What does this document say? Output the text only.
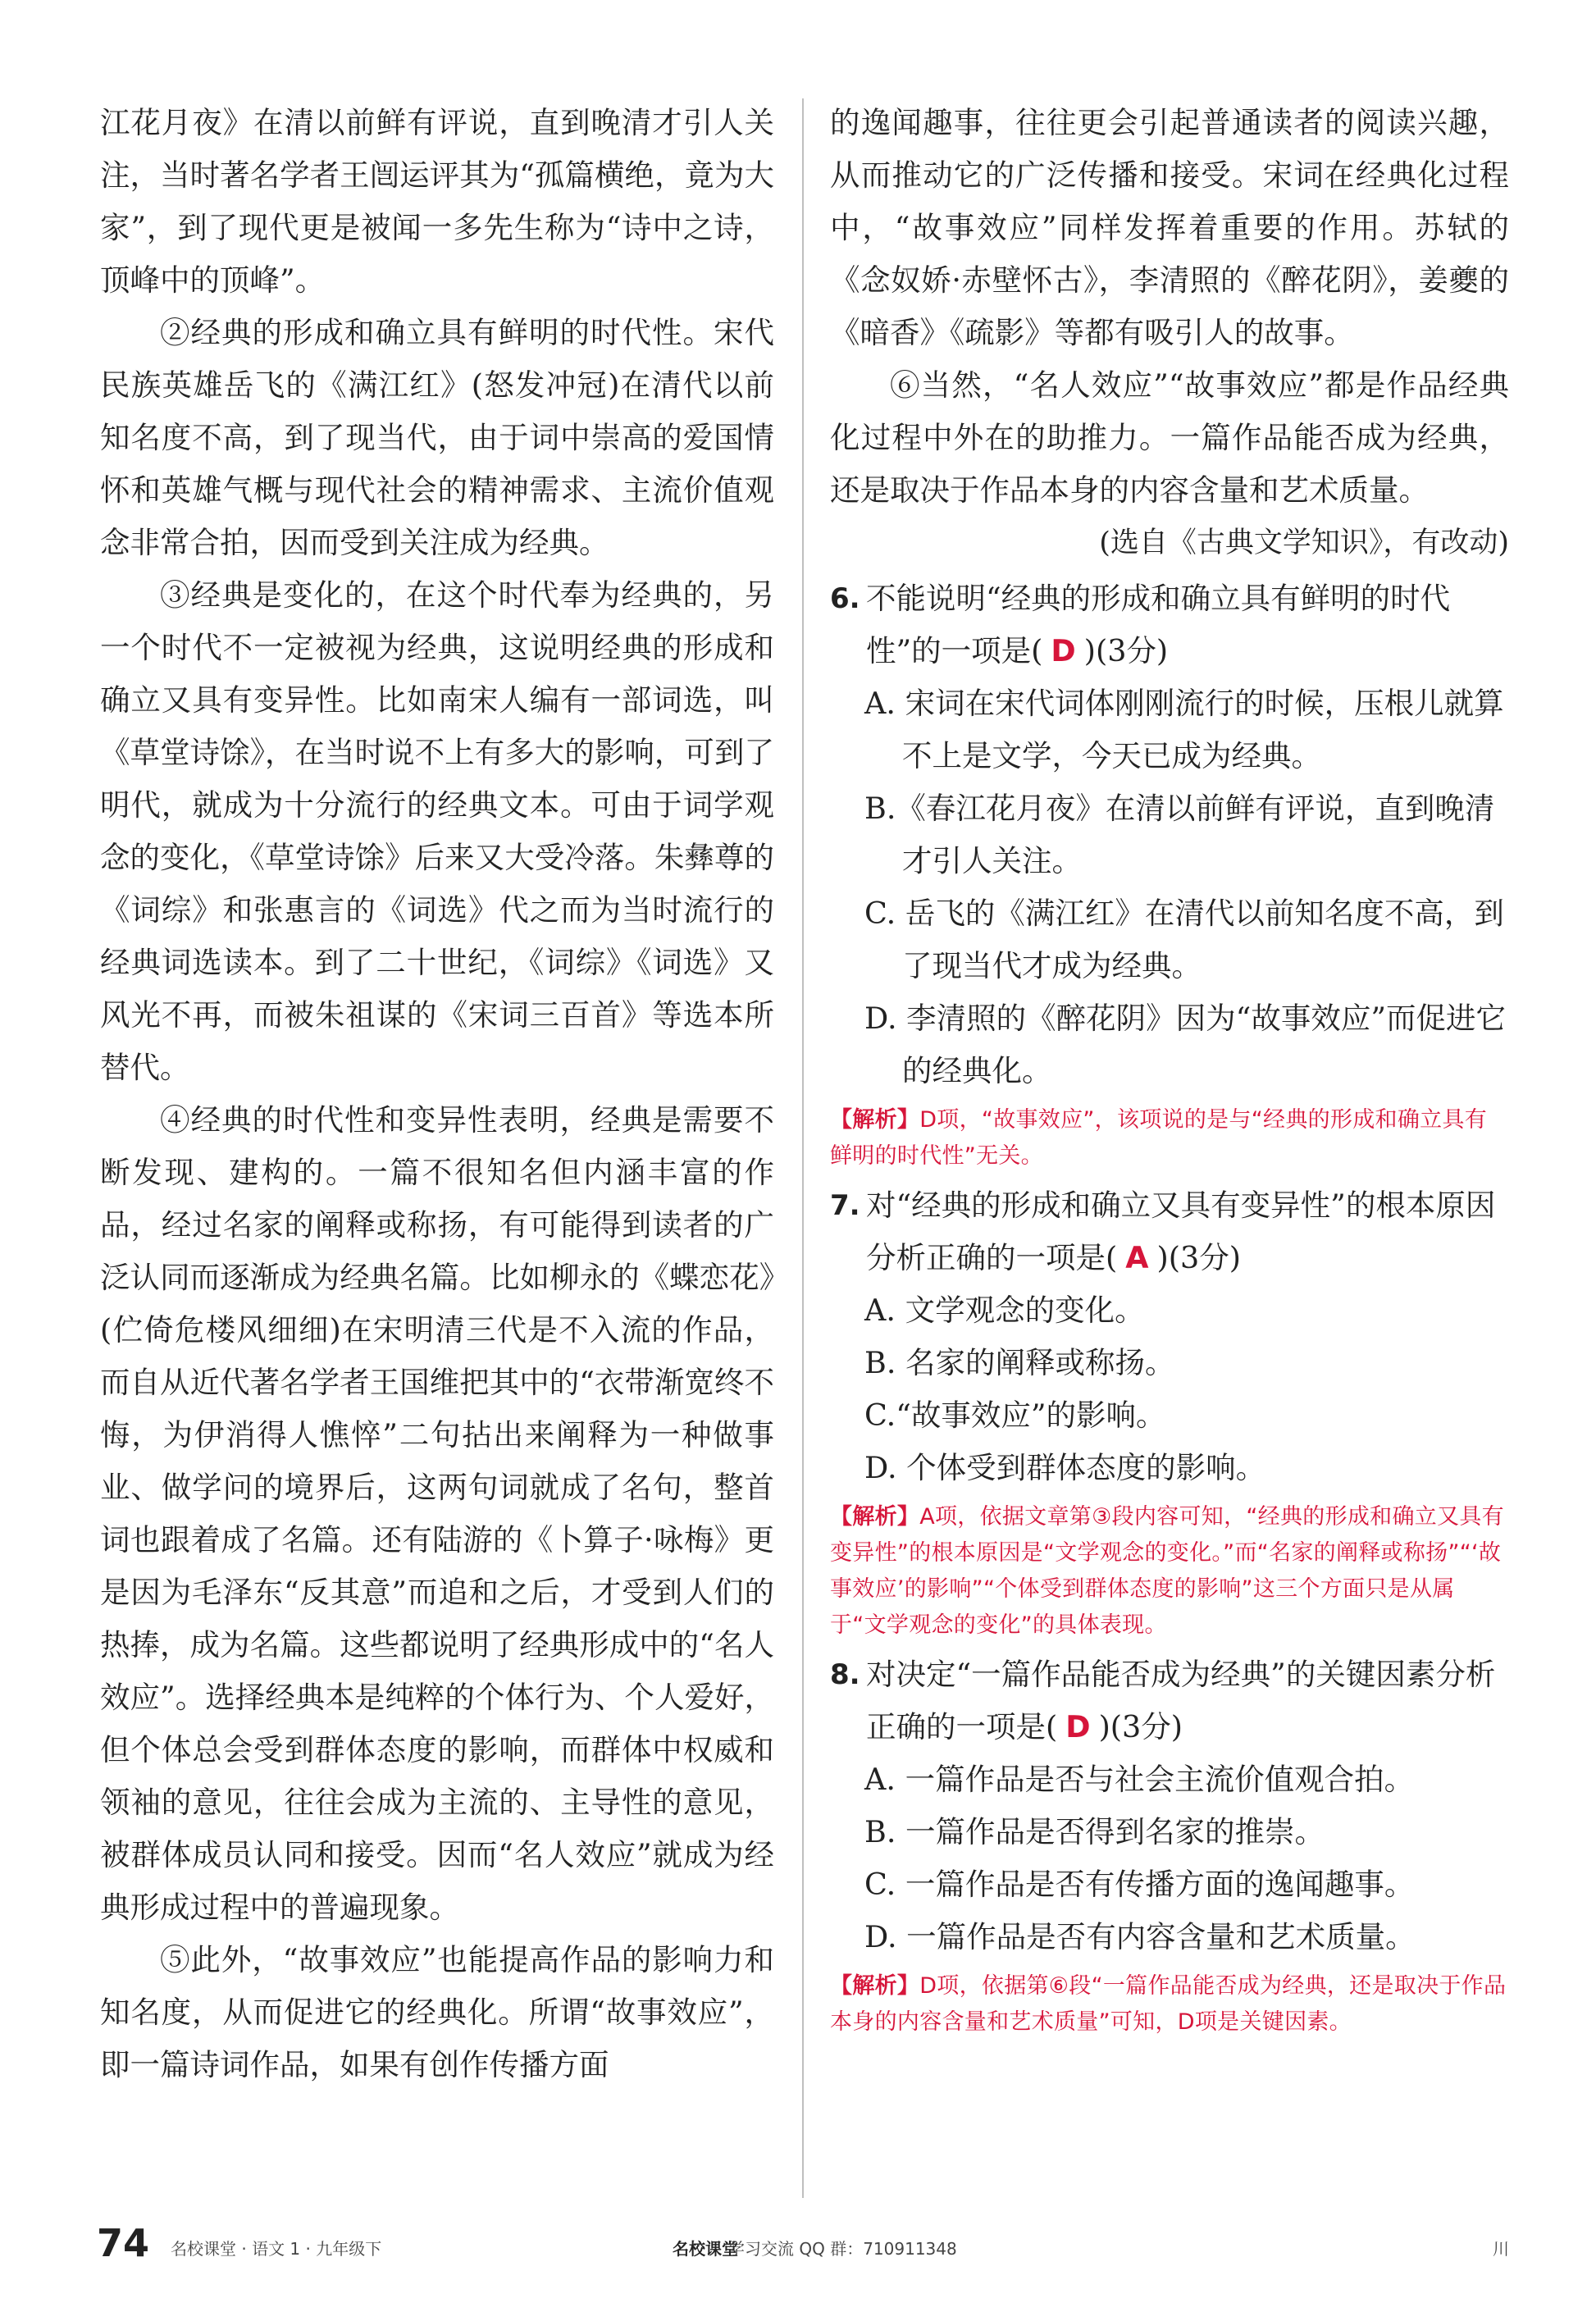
江花月夜》在清以前鲜有评说，直到晚清才引人关注，当时著名学者王闿运评其为“孤篇横绝，竟为大家”，到了现代更是被闻一多先生称为“诗中之诗，顶峰中的顶峰”。

②经典的形成和确立具有鲜明的时代性。宋代民族英雄岳飞的《满江红》(怒发冲冠)在清代以前知名度不高，到了现当代，由于词中崇高的爱国情怀和英雄气概与现代社会的精神需求、主流价值观念非常合拍，因而受到关注成为经典。

③经典是变化的，在这个时代奉为经典的，另一个时代不一定被视为经典，这说明经典的形成和确立又具有变异性。比如南宋人编有一部词选，叫《草堂诗馀》，在当时说不上有多大的影响，可到了明代，就成为十分流行的经典文本。可由于词学观念的变化，《草堂诗馀》后来又大受冷落。朱彝尊的《词综》和张惠言的《词选》代之而为当时流行的经典词选读本。到了二十世纪，《词综》《词选》又风光不再，而被朱祖谋的《宋词三百首》等选本所替代。

④经典的时代性和变异性表明，经典是需要不断发现、建构的。一篇不很知名但内涵丰富的作品，经过名家的阐释或称扬，有可能得到读者的广泛认同而逐渐成为经典名篇。比如柳永的《蝶恋花》(伫倚危楼风细细)在宋明清三代是不入流的作品，而自从近代著名学者王国维把其中的“衣带渐宽终不悔，为伊消得人憔悴”二句拈出来阐释为一种做事业、做学问的境界后，这两句词就成了名句，整首词也跟着成了名篇。还有陆游的《卜算子·咏梅》更是因为毛泽东“反其意”而追和之后，才受到人们的热捧，成为名篇。这些都说明了经典形成中的“名人效应”。选择经典本是纯粹的个体行为、个人爱好，但个体总会受到群体态度的影响，而群体中权威和领袖的意见，往往会成为主流的、主导性的意见，被群体成员认同和接受。因而“名人效应”就成为经典形成过程中的普遍现象。

⑤此外，“故事效应”也能提高作品的影响力和知名度，从而促进它的经典化。所谓“故事效应”，即一篇诗词作品，如果有创作传播方面

的逸闻趣事，往往更会引起普通读者的阅读兴趣，从而推动它的广泛传播和接受。宋词在经典化过程中，“故事效应”同样发挥着重要的作用。苏轼的《念奴娇·赤壁怀古》，李清照的《醉花阴》，姜夔的《暗香》《疏影》等都有吸引人的故事。

⑥当然，“名人效应”“故事效应”都是作品经典化过程中外在的助推力。一篇作品能否成为经典，还是取决于作品本身的内容含量和艺术质量。

(选自《古典文学知识》，有改动)

6. 不能说明“经典的形成和确立具有鲜明的时代性”的一项是( D )(3分)
A. 宋词在宋代词体刚刚流行的时候，压根儿就算不上是文学，今天已成为经典。
B.《春江花月夜》在清以前鲜有评说，直到晚清才引人关注。
C. 岳飞的《满江红》在清代以前知名度不高，到了现当代才成为经典。
D. 李清照的《醉花阴》因为“故事效应”而促进它的经典化。
【解析】D项，“故事效应”，该项说的是与“经典的形成和确立具有鲜明的时代性”无关。
7. 对“经典的形成和确立又具有变异性”的根本原因分析正确的一项是( A )(3分)
A. 文学观念的变化。
B. 名家的阐释或称扬。
C.“故事效应”的影响。
D. 个体受到群体态度的影响。
【解析】A项，依据文章第③段内容可知，“经典的形成和确立又具有变异性”的根本原因是“文学观念的变化。”而“名家的阐释或称扬”“‘故事效应’的影响”“个体受到群体态度的影响”这三个方面只是从属于“文学观念的变化”的具体表现。
8. 对决定“一篇作品能否成为经典”的关键因素分析正确的一项是( D )(3分)
A. 一篇作品是否与社会主流价值观合拍。
B. 一篇作品是否得到名家的推崇。
C. 一篇作品是否有传播方面的逸闻趣事。
D. 一篇作品是否有内容含量和艺术质量。
【解析】D项，依据第⑥段“一篇作品能否成为经典，还是取决于作品本身的内容含量和艺术质量”可知，D项是关键因素。
74 名校课堂 · 语文 1 · 九年级下	名校课堂
学习交流 QQ 群：710911348	川
